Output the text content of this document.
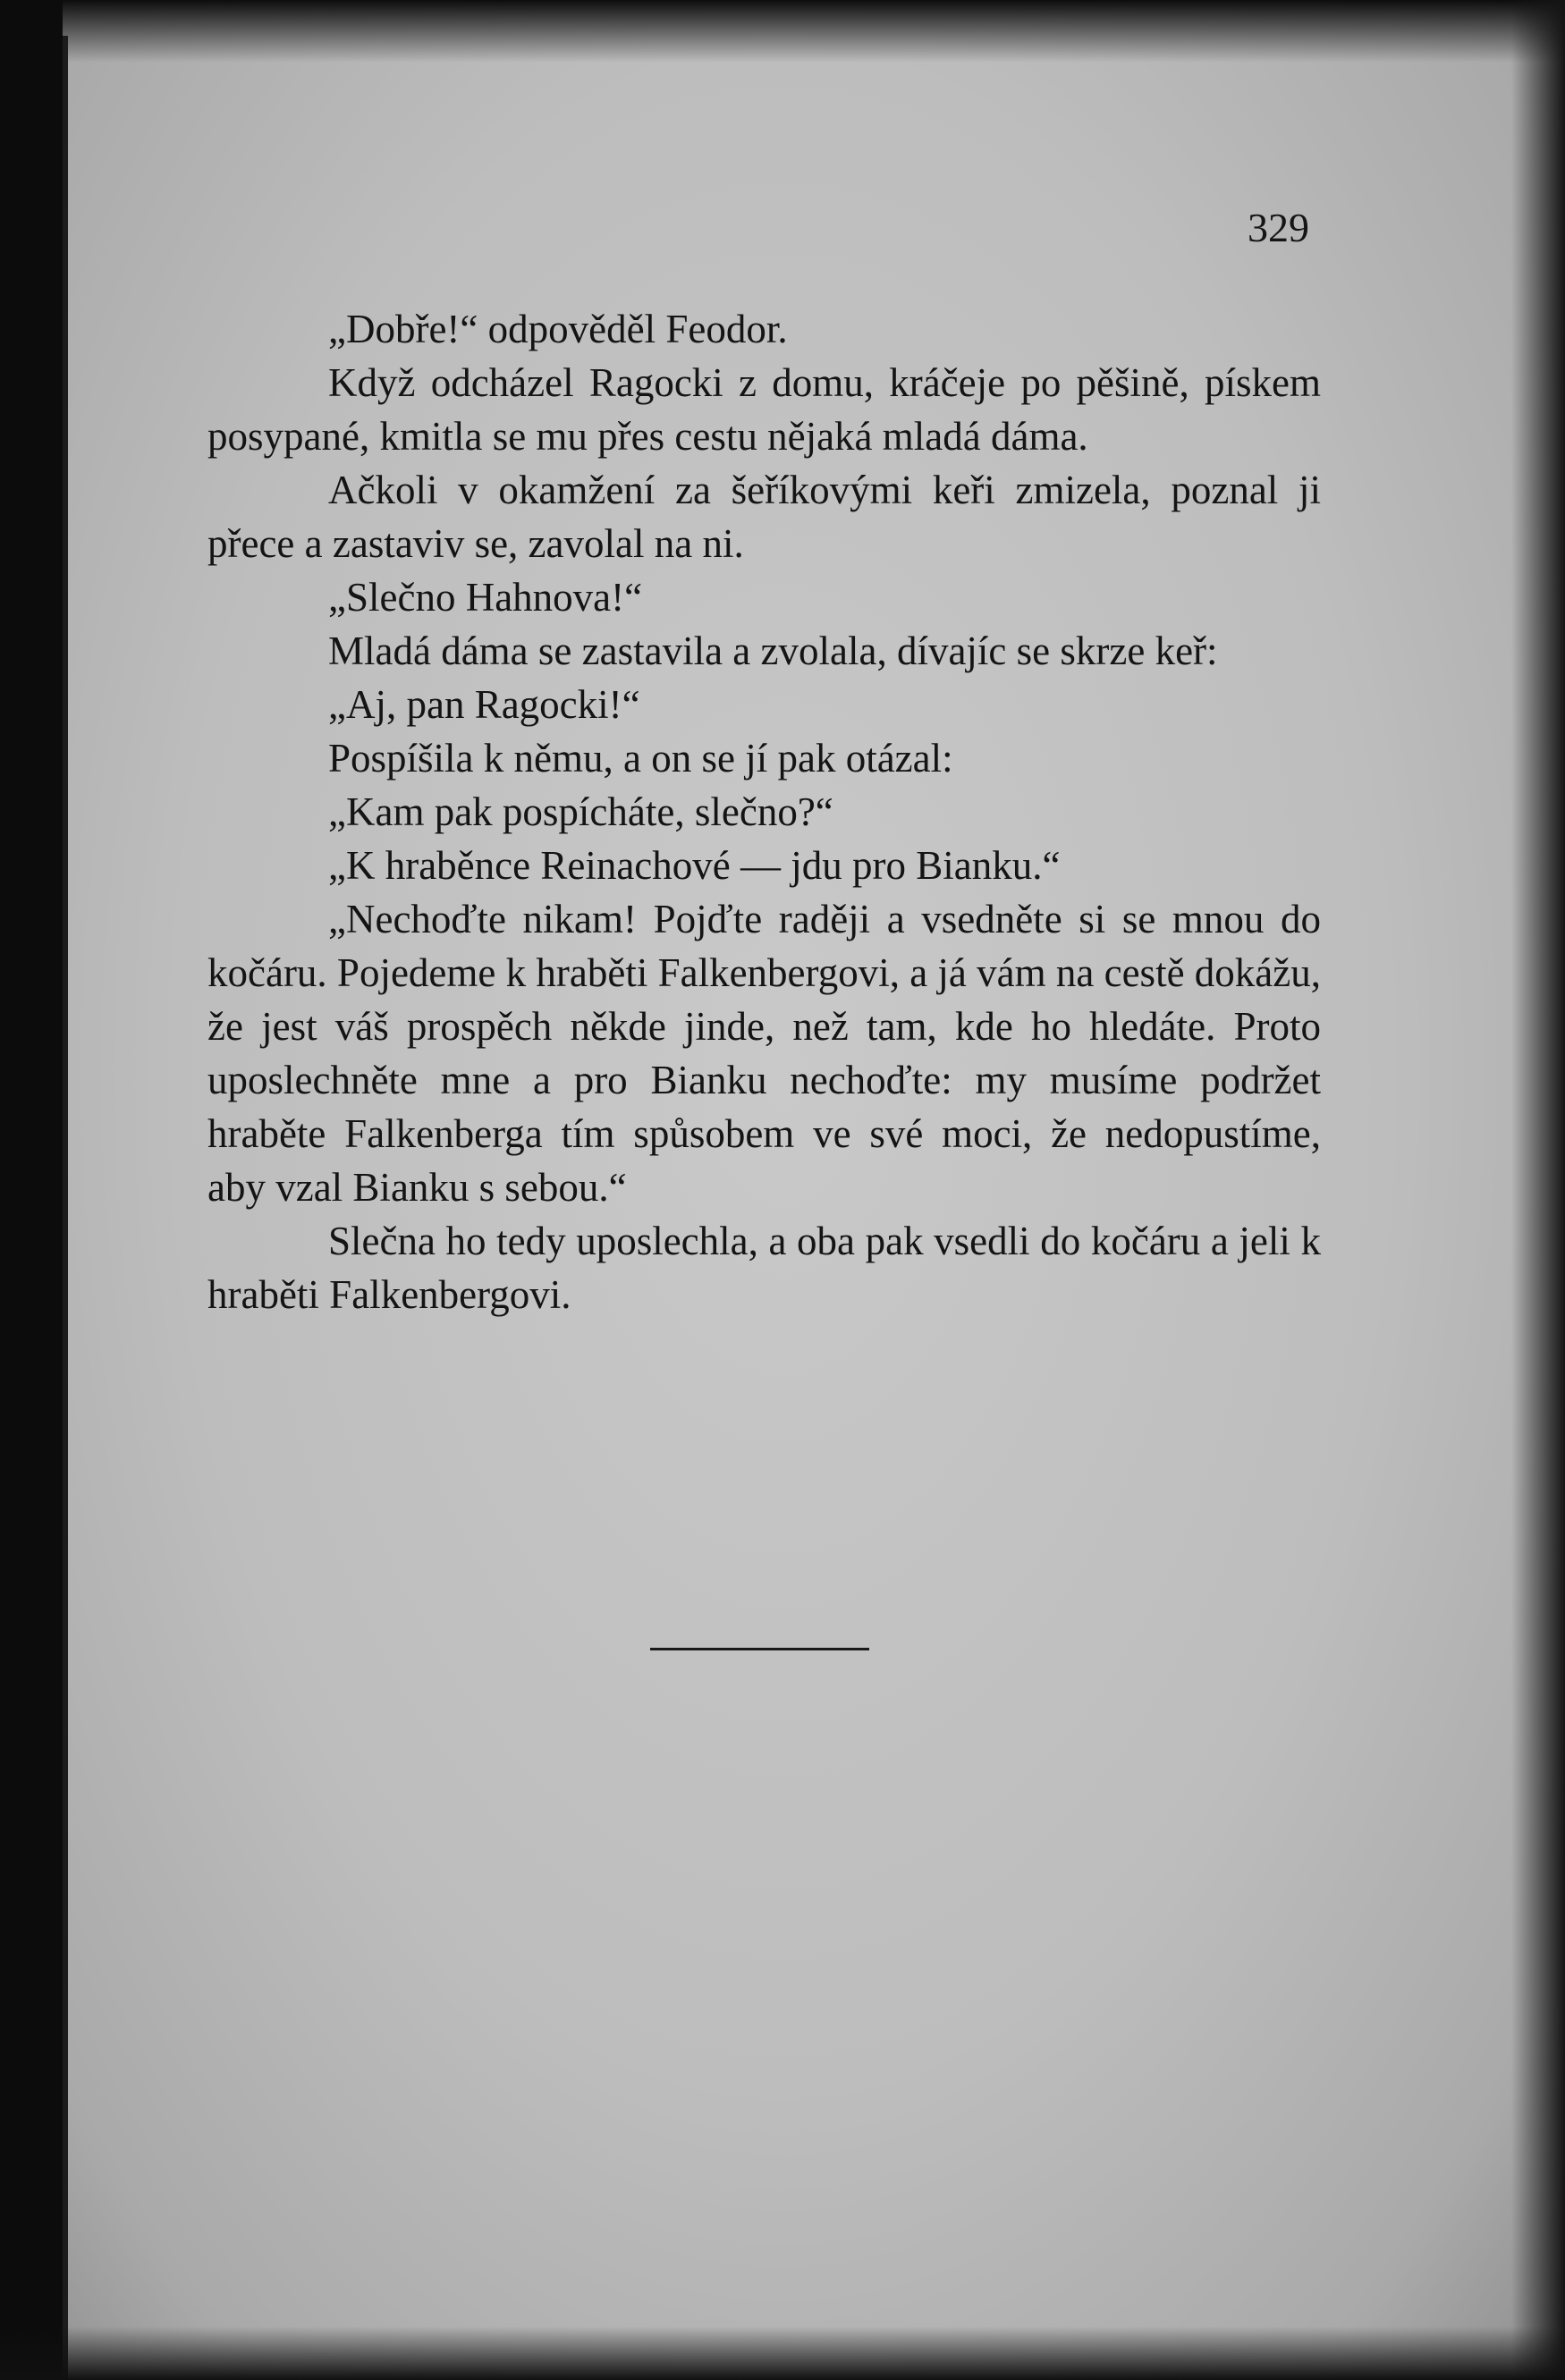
329

„Dobře!“ odpověděl Feodor.

Když odcházel Ragocki z domu, kráčeje po pěšině, pískem posypané, kmitla se mu přes cestu nějaká mladá dáma.

Ačkoli v okamžení za šeříkovými keři zmizela, poznal ji přece a zastaviv se, zavolal na ni.

„Slečno Hahnova!“

Mladá dáma se zastavila a zvolala, dívajíc se skrze keř:

„Aj, pan Ragocki!“

Pospíšila k němu, a on se jí pak otázal:

„Kam pak pospícháte, slečno?“

„K hraběnce Reinachové — jdu pro Bianku.“

„Nechoďte nikam! Pojďte raději a vsedněte si se mnou do kočáru. Pojedeme k hraběti Falkenbergovi, a já vám na cestě dokážu, že jest váš prospěch někde jinde, než tam, kde ho hledáte. Proto uposlechněte mne a pro Bianku nechoďte: my musíme podržet hraběte Falkenberga tím spůsobem ve své moci, že nedopustíme, aby vzal Bianku s sebou.“

Slečna ho tedy uposlechla, a oba pak vsedli do kočáru a jeli k hraběti Falkenbergovi.
